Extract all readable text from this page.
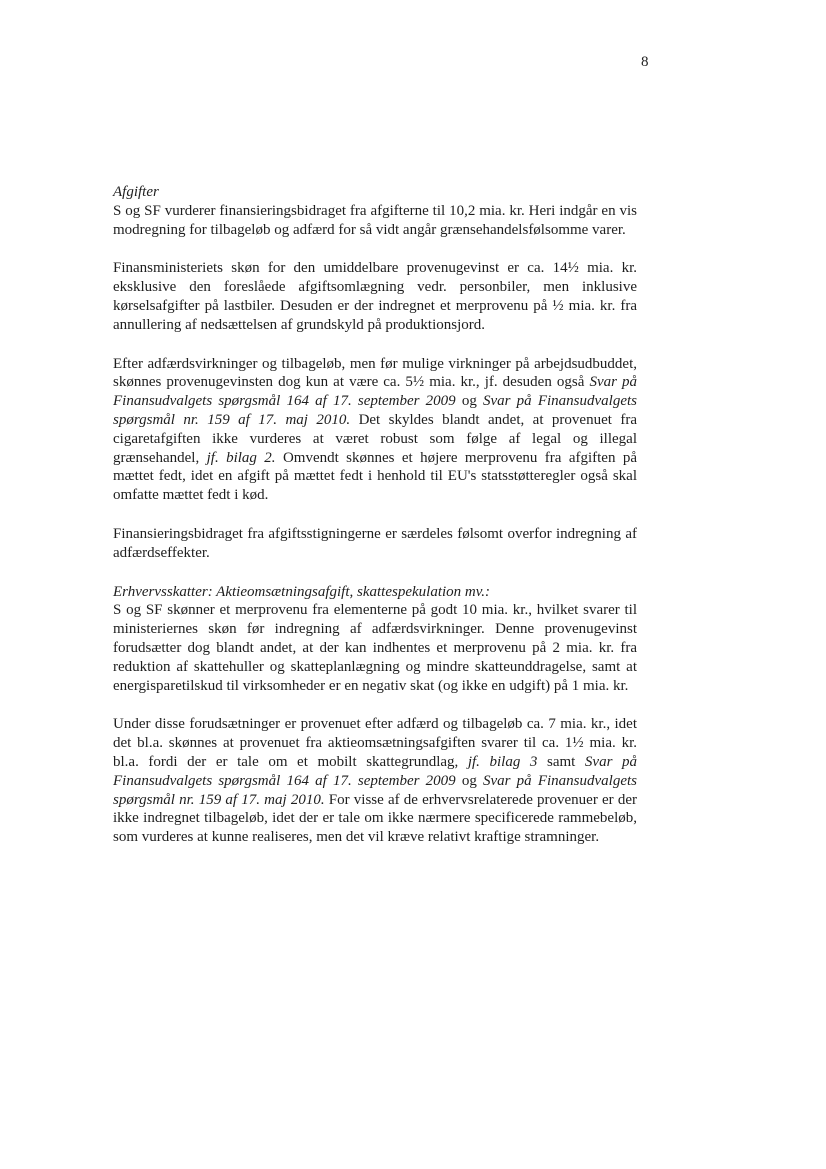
8
Afgifter

S og SF vurderer finansieringsbidraget fra afgifterne til 10,2 mia. kr. Heri indgår en vis modregning for tilbageløb og adfærd for så vidt angår grænsehandelsfølsomme varer.

Finansministeriets skøn for den umiddelbare provenugevinst er ca. 14½ mia. kr. eksklusive den foreslåede afgiftsomlægning vedr. personbiler, men inklusive kørselsafgifter på lastbiler. Desuden er der indregnet et merprovenu på ½ mia. kr. fra annullering af nedsættelsen af grundskyld på produktionsjord.

Efter adfærdsvirkninger og tilbageløb, men før mulige virkninger på arbejdsudbuddet, skønnes provenugevinsten dog kun at være ca. 5½ mia. kr., jf. desuden også Svar på Finansudvalgets spørgsmål 164 af 17. september 2009 og Svar på Finansudvalgets spørgsmål nr. 159 af 17. maj 2010. Det skyldes blandt andet, at provenuet fra cigaretafgiften ikke vurderes at været robust som følge af legal og illegal grænsehandel, jf. bilag 2. Omvendt skønnes et højere merprovenu fra afgiften på mættet fedt, idet en afgift på mættet fedt i henhold til EU's statsstøtteregler også skal omfatte mættet fedt i kød.

Finansieringsbidraget fra afgiftsstigningerne er særdeles følsomt overfor indregning af adfærdseffekter.

Erhvervsskatter: Aktieomsætningsafgift, skattespekulation mv.:

S og SF skønner et merprovenu fra elementerne på godt 10 mia. kr., hvilket svarer til ministeriernes skøn før indregning af adfærdsvirkninger. Denne provenugevinst forudsætter dog blandt andet, at der kan indhentes et merprovenu på 2 mia. kr. fra reduktion af skattehuller og skatteplanlægning og mindre skatteunddragelse, samt at energisparetilskud til virksomheder er en negativ skat (og ikke en udgift) på 1 mia. kr.

Under disse forudsætninger er provenuet efter adfærd og tilbageløb ca. 7 mia. kr., idet det bl.a. skønnes at provenuet fra aktieomsætningsafgiften svarer til ca. 1½ mia. kr. bl.a. fordi der er tale om et mobilt skattegrundlag, jf. bilag 3 samt Svar på Finansudvalgets spørgsmål 164 af 17. september 2009 og Svar på Finansudvalgets spørgsmål nr. 159 af 17. maj 2010. For visse af de erhvervsrelaterede provenuer er der ikke indregnet tilbageløb, idet der er tale om ikke nærmere specificerede rammebeløb, som vurderes at kunne realiseres, men det vil kræve relativt kraftige stramninger.
